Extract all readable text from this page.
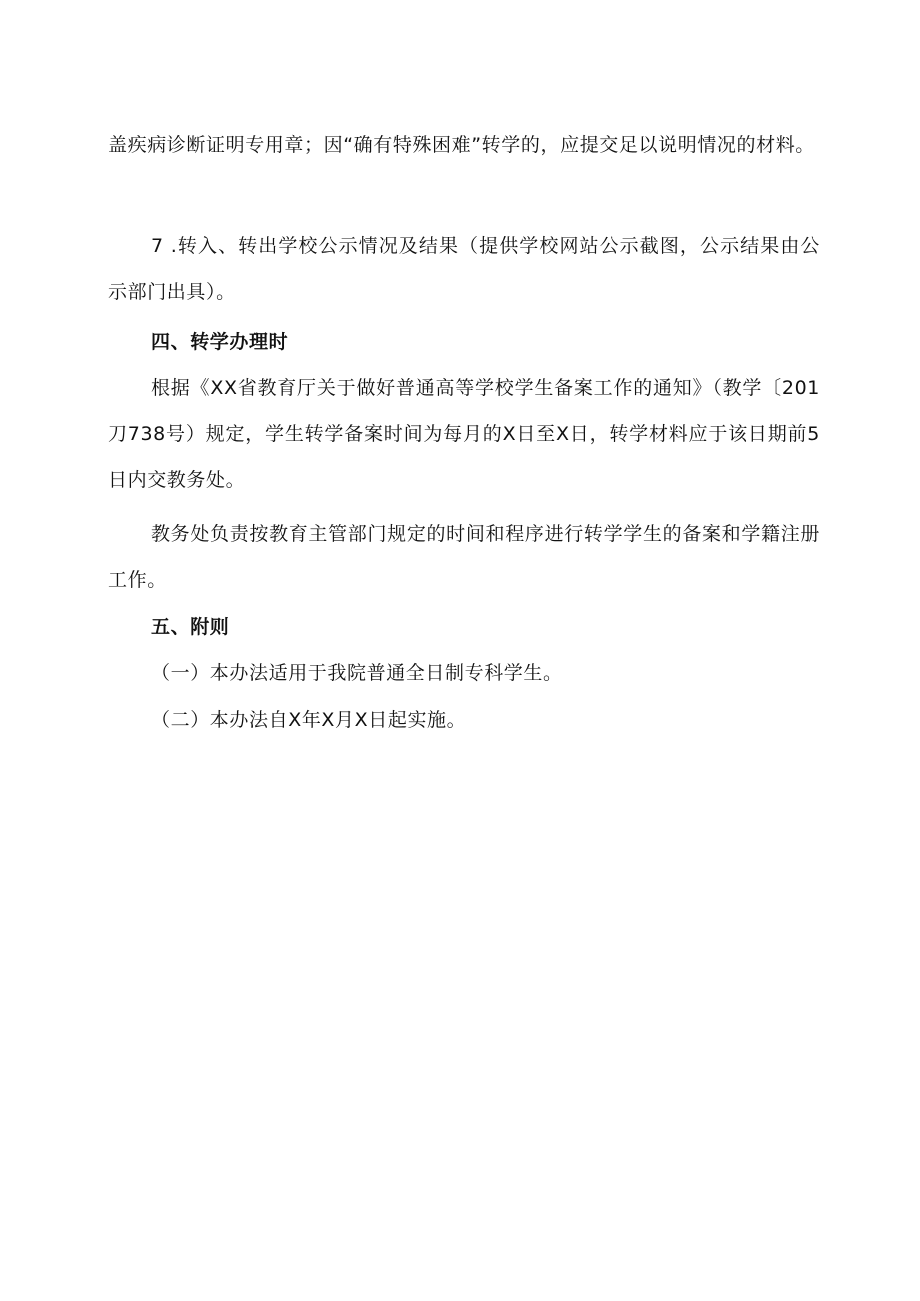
盖疾病诊断证明专用章；因“确有特殊困难”转学的，应提交足以说明情况的材料。

7 .转入、转出学校公示情况及结果（提供学校网站公示截图，公示结果由公示部门出具）。

四、转学办理时

根据《XX省教育厅关于做好普通高等学校学生备案工作的通知》（教学〔201刀738号）规定，学生转学备案时间为每月的X日至X日，转学材料应于该日期前5日内交教务处。

教务处负责按教育主管部门规定的时间和程序进行转学学生的备案和学籍注册工作。

五、附则

（一）本办法适用于我院普通全日制专科学生。

（二）本办法自X年X月X日起实施。
